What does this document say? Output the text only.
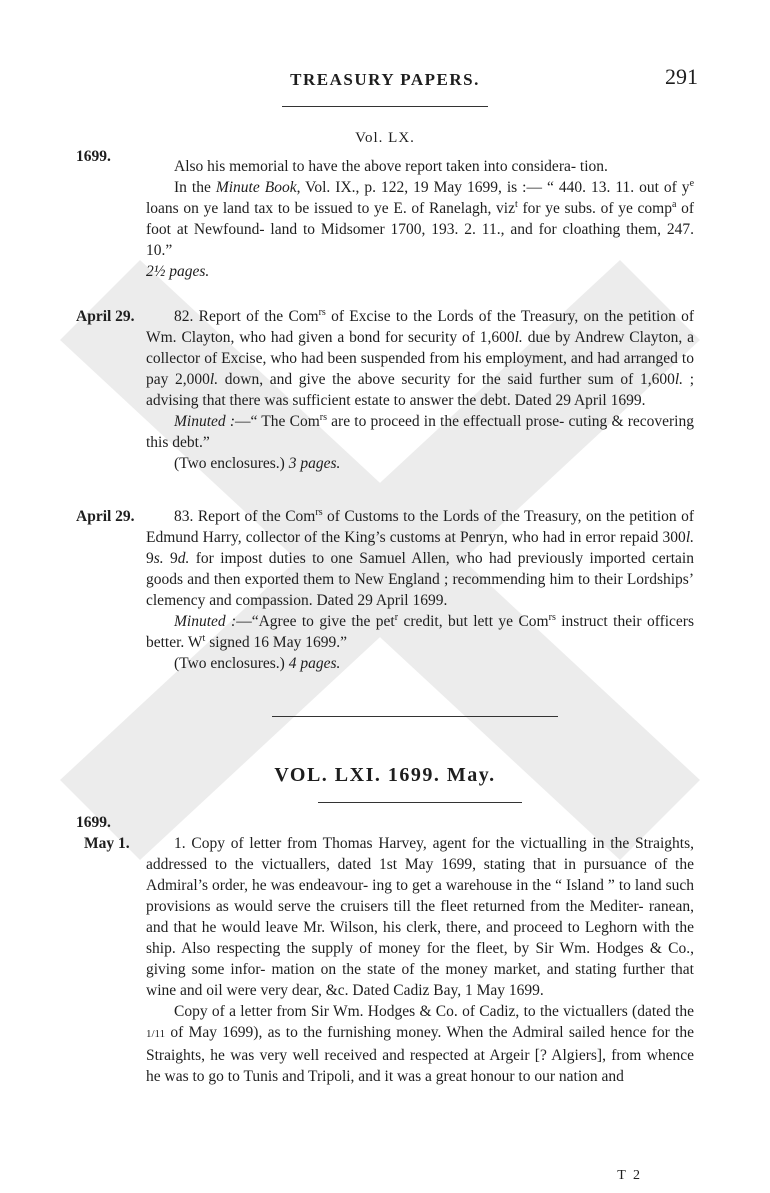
TREASURY PAPERS.	291
Vol. LX.
1699.

Also his memorial to have the above report taken into considera- tion.

In the Minute Book, Vol. IX., p. 122, 19 May 1699, is :— “ 440. 13. 11. out of $y^e$ loans on ye land tax to be issued to ye E. of Ranelagh, viz$^t$ for ye subs. of ye comp$^a$ of foot at Newfound- land to Midsomer 1700, 193. 2. 11., and for cloathing them, 247. 10.”

2½ pages.

April 29.	82. Report of the Com$^{rs}$ of Excise to the Lords of the Treasury, on the petition of Wm. Clayton, who had given a bond for security of 1,600l. due by Andrew Clayton, a collector of Excise, who had been suspended from his employment, and had arranged to pay 2,000l. down, and give the above security for the said further sum of 1,600l. ; advising that there was sufficient estate to answer the debt. Dated 29 April 1699.

Minuted :—“ The Com$^{rs}$ are to proceed in the effectuall prose- cuting & recovering this debt.”

(Two enclosures.) 3 pages.

April 29.	83. Report of the Com$^{rs}$ of Customs to the Lords of the Treasury, on the petition of Edmund Harry, collector of the King’s customs at Penryn, who had in error repaid 300l. 9s. 9d. for impost duties to one Samuel Allen, who had previously imported certain goods and then exported them to New England ; recommending him to their Lordships’ clemency and compassion. Dated 29 April 1699.

Minuted :—“Agree to give the pet$^r$ credit, but lett ye Com$^{rs}$ instruct their officers better. $W^t$ signed 16 May 1699.”

(Two enclosures.) 4 pages.

VOL. LXI. 1699. May.
1699.
May 1.	1. Copy of letter from Thomas Harvey, agent for the victualling in the Straights, addressed to the victuallers, dated 1st May 1699, stating that in pursuance of the Admiral’s order, he was endeavour- ing to get a warehouse in the “ Island ” to land such provisions as would serve the cruisers till the fleet returned from the Mediter- ranean, and that he would leave Mr. Wilson, his clerk, there, and proceed to Leghorn with the ship. Also respecting the supply of money for the fleet, by Sir Wm. Hodges & Co., giving some infor- mation on the state of the money market, and stating further that wine and oil were very dear, &c. Dated Cadiz Bay, 1 May 1699.

Copy of a letter from Sir Wm. Hodges & Co. of Cadiz, to the victuallers (dated the 1/11 of May 1699), as to the furnishing money. When the Admiral sailed hence for the Straights, he was very well received and respected at Argeir [? Algiers], from whence he was to go to Tunis and Tripoli, and it was a great honour to our nation and

T 2
